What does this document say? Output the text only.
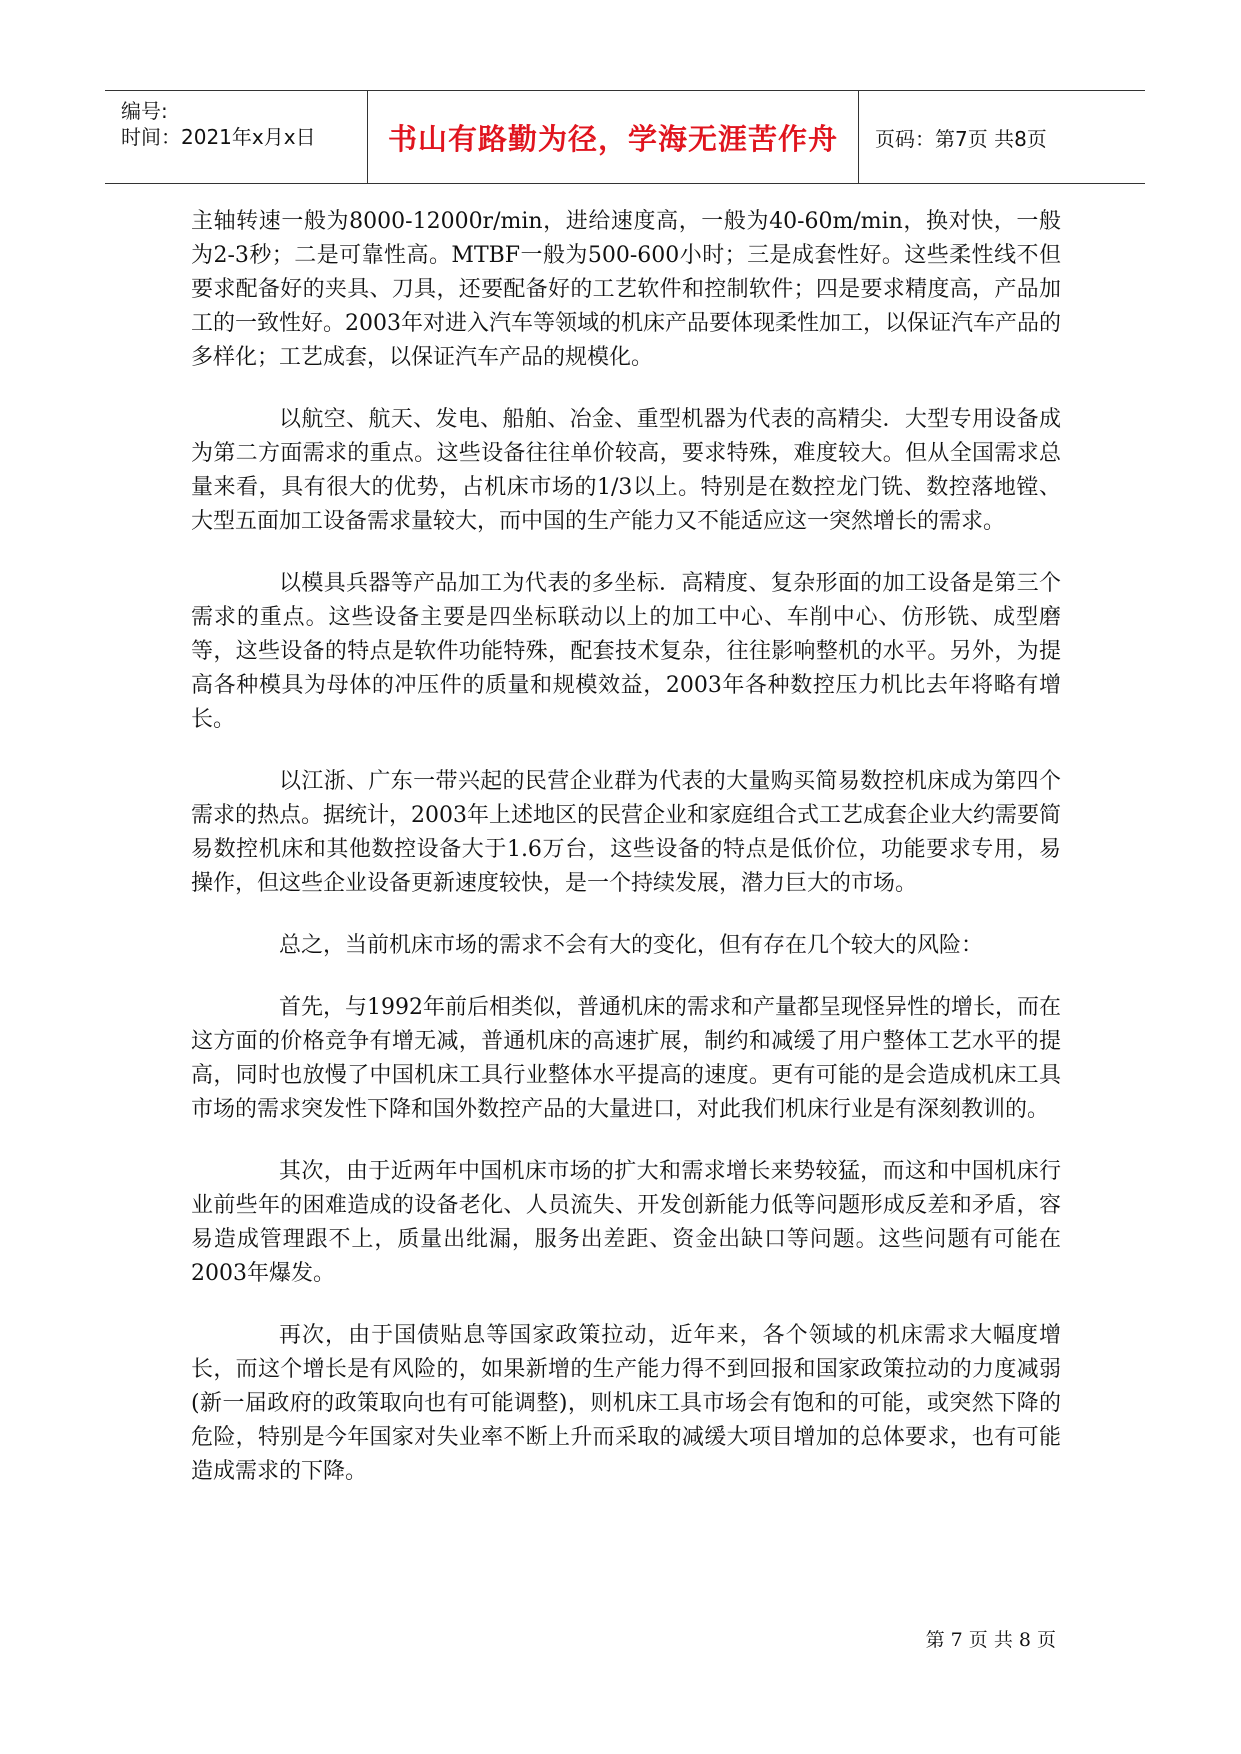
编号:
时间：2021年x月x日 书山有路勤为径，学海无涯苦作舟 页码：第7页 共8页

主轴转速一般为8000-12000r/min，进给速度高，一般为40-60m/min，换对快，一般为2-3秒；二是可靠性高。MTBF一般为500-600小时；三是成套性好。这些柔性线不但要求配备好的夹具、刀具，还要配备好的工艺软件和控制软件；四是要求精度高，产品加工的一致性好。2003年对进入汽车等领域的机床产品要体现柔性加工，以保证汽车产品的多样化；工艺成套，以保证汽车产品的规模化。

以航空、航天、发电、船舶、冶金、重型机器为代表的高精尖．大型专用设备成为第二方面需求的重点。这些设备往往单价较高，要求特殊，难度较大。但从全国需求总量来看，具有很大的优势，占机床市场的1/3以上。特别是在数控龙门铣、数控落地镗、大型五面加工设备需求量较大，而中国的生产能力又不能适应这一突然增长的需求。

以模具兵器等产品加工为代表的多坐标．高精度、复杂形面的加工设备是第三个需求的重点。这些设备主要是四坐标联动以上的加工中心、车削中心、仿形铣、成型磨等，这些设备的特点是软件功能特殊，配套技术复杂，往往影响整机的水平。另外，为提高各种模具为母体的冲压件的质量和规模效益，2003年各种数控压力机比去年将略有增长。

以江浙、广东一带兴起的民营企业群为代表的大量购买简易数控机床成为第四个需求的热点。据统计，2003年上述地区的民营企业和家庭组合式工艺成套企业大约需要简易数控机床和其他数控设备大于1.6万台，这些设备的特点是低价位，功能要求专用，易操作，但这些企业设备更新速度较快，是一个持续发展，潜力巨大的市场。

总之，当前机床市场的需求不会有大的变化，但有存在几个较大的风险：

首先，与1992年前后相类似，普通机床的需求和产量都呈现怪异性的增长，而在这方面的价格竞争有增无减，普通机床的高速扩展，制约和减缓了用户整体工艺水平的提高，同时也放慢了中国机床工具行业整体水平提高的速度。更有可能的是会造成机床工具市场的需求突发性下降和国外数控产品的大量进口，对此我们机床行业是有深刻教训的。

其次，由于近两年中国机床市场的扩大和需求增长来势较猛，而这和中国机床行业前些年的困难造成的设备老化、人员流失、开发创新能力低等问题形成反差和矛盾，容易造成管理跟不上，质量出纰漏，服务出差距、资金出缺口等问题。这些问题有可能在2003年爆发。

再次，由于国债贴息等国家政策拉动，近年来，各个领域的机床需求大幅度增长，而这个增长是有风险的，如果新增的生产能力得不到回报和国家政策拉动的力度减弱(新一届政府的政策取向也有可能调整)，则机床工具市场会有饱和的可能，或突然下降的危险，特别是今年国家对失业率不断上升而采取的减缓大项目增加的总体要求，也有可能造成需求的下降。

第 7 页 共 8 页
